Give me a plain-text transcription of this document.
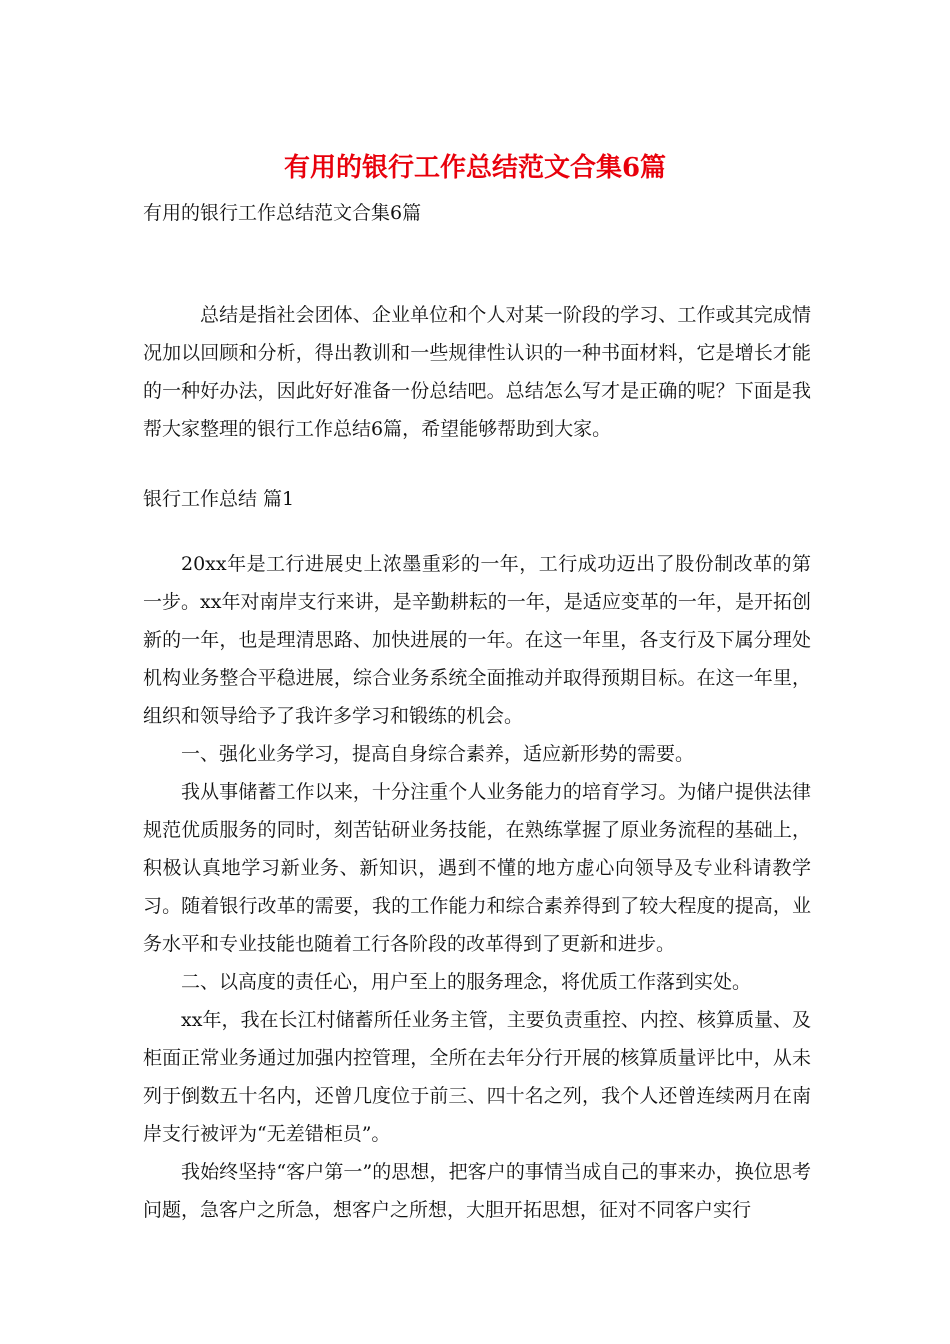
有用的银行工作总结范文合集6篇

有用的银行工作总结范文合集6篇

总结是指社会团体、企业单位和个人对某一阶段的学习、工作或其完成情况加以回顾和分析，得出教训和一些规律性认识的一种书面材料，它是增长才能的一种好办法，因此好好准备一份总结吧。总结怎么写才是正确的呢？下面是我帮大家整理的银行工作总结6篇，希望能够帮助到大家。

银行工作总结 篇1

20xx年是工行进展史上浓墨重彩的一年，工行成功迈出了股份制改革的第一步。xx年对南岸支行来讲，是辛勤耕耘的一年，是适应变革的一年，是开拓创新的一年，也是理清思路、加快进展的一年。在这一年里，各支行及下属分理处机构业务整合平稳进展，综合业务系统全面推动并取得预期目标。在这一年里，组织和领导给予了我许多学习和锻练的机会。

一、强化业务学习，提高自身综合素养，适应新形势的需要。

我从事储蓄工作以来，十分注重个人业务能力的培育学习。为储户提供法律规范优质服务的同时，刻苦钻研业务技能，在熟练掌握了原业务流程的基础上，积极认真地学习新业务、新知识，遇到不懂的地方虚心向领导及专业科请教学习。随着银行改革的需要，我的工作能力和综合素养得到了较大程度的提高，业务水平和专业技能也随着工行各阶段的改革得到了更新和进步。

二、以高度的责任心，用户至上的服务理念，将优质工作落到实处。

xx年，我在长江村储蓄所任业务主管，主要负责重控、内控、核算质量、及柜面正常业务通过加强内控管理，全所在去年分行开展的核算质量评比中，从未列于倒数五十名内，还曾几度位于前三、四十名之列，我个人还曾连续两月在南岸支行被评为“无差错柜员”。

我始终坚持“客户第一”的思想，把客户的事情当成自己的事来办，换位思考问题，急客户之所急，想客户之所想，大胆开拓思想，征对不同客户实行
